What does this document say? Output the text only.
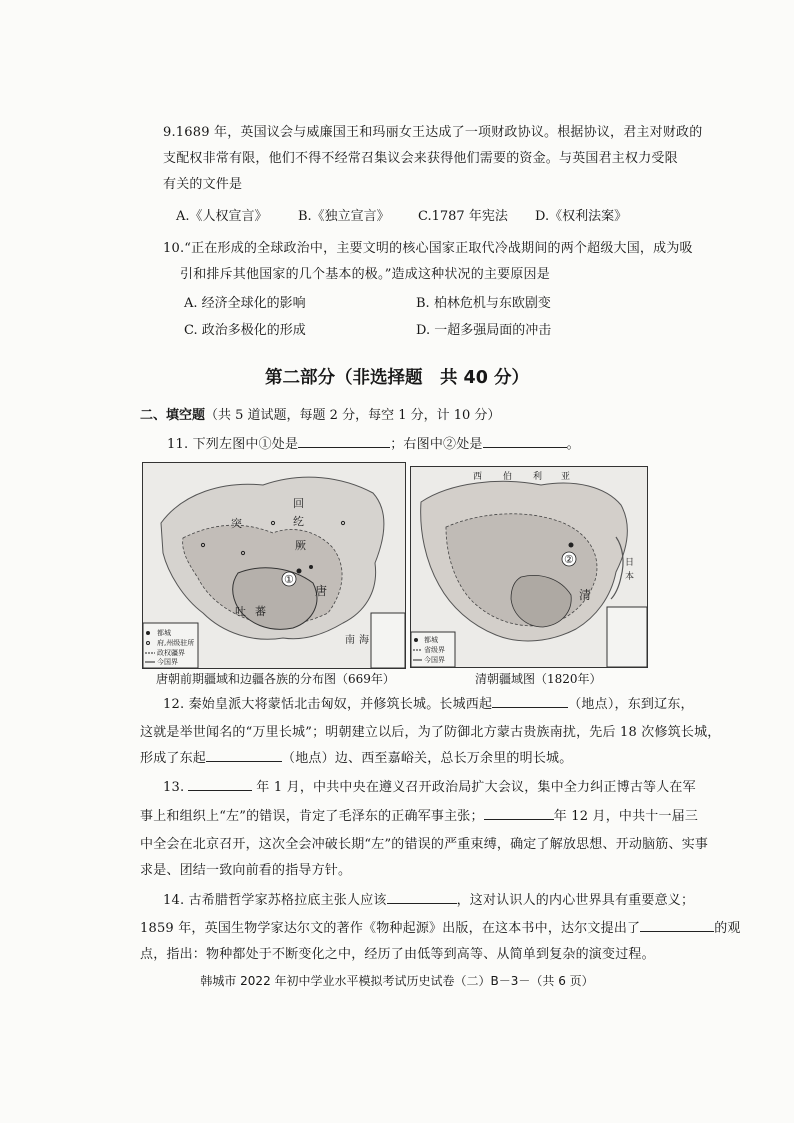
9.1689 年，英国议会与威廉国王和玛丽女王达成了一项财政协议。根据协议，君主对财政的
支配权非常有限，他们不得不经常召集议会来获得他们需要的资金。与英国君主权力受限
有关的文件是
A.《人权宣言》 B.《独立宣言》 C.1787 年宪法 D.《权利法案》
10.“正在形成的全球政治中，主要文明的核心国家正取代冷战期间的两个超级大国，成为吸
引和排斥其他国家的几个基本的极。”造成这种状况的主要原因是
A. 经济全球化的影响	B. 柏林危机与东欧剧变
C. 政治多极化的形成	D. 一超多强局面的冲击
第二部分（非选择题　共 40 分）
二、填空题（共 5 道试题，每题 2 分，每空 1 分，计 10 分）
11. 下列左图中①处是	；右图中②处是	。
都城
府,州级驻所
政权疆界
今国界
回
纥
突
厥
吐 蕃
唐
①
南 海
唐朝前期疆域和边疆各族的分布图（669年）
都城
省级界
今国界
西 伯 利 亚
②
清
日
本
清朝疆域图（1820年）
12. 秦始皇派大将蒙恬北击匈奴，并修筑长城。长城西起	（地点），东到辽东，
这就是举世闻名的“万里长城”；明朝建立以后，为了防御北方蒙古贵族南扰，先后 18 次修筑长城，
形成了东起	（地点）边、西至嘉峪关，总长万余里的明长城。
13.	年 1 月，中共中央在遵义召开政治局扩大会议，集中全力纠正博古等人在军
事上和组织上“左”的错误，肯定了毛泽东的正确军事主张；	年 12 月，中共十一届三
中全会在北京召开，这次全会冲破长期“左”的错误的严重束缚，确定了解放思想、开动脑筋、实事
求是、团结一致向前看的指导方针。
14. 古希腊哲学家苏格拉底主张人应该	，这对认识人的内心世界具有重要意义；
1859 年，英国生物学家达尔文的著作《物种起源》出版，在这本书中，达尔文提出了	的观
点，指出：物种都处于不断变化之中，经历了由低等到高等、从简单到复杂的演变过程。
韩城市 2022 年初中学业水平模拟考试历史试卷（二）B－3－（共 6 页）
